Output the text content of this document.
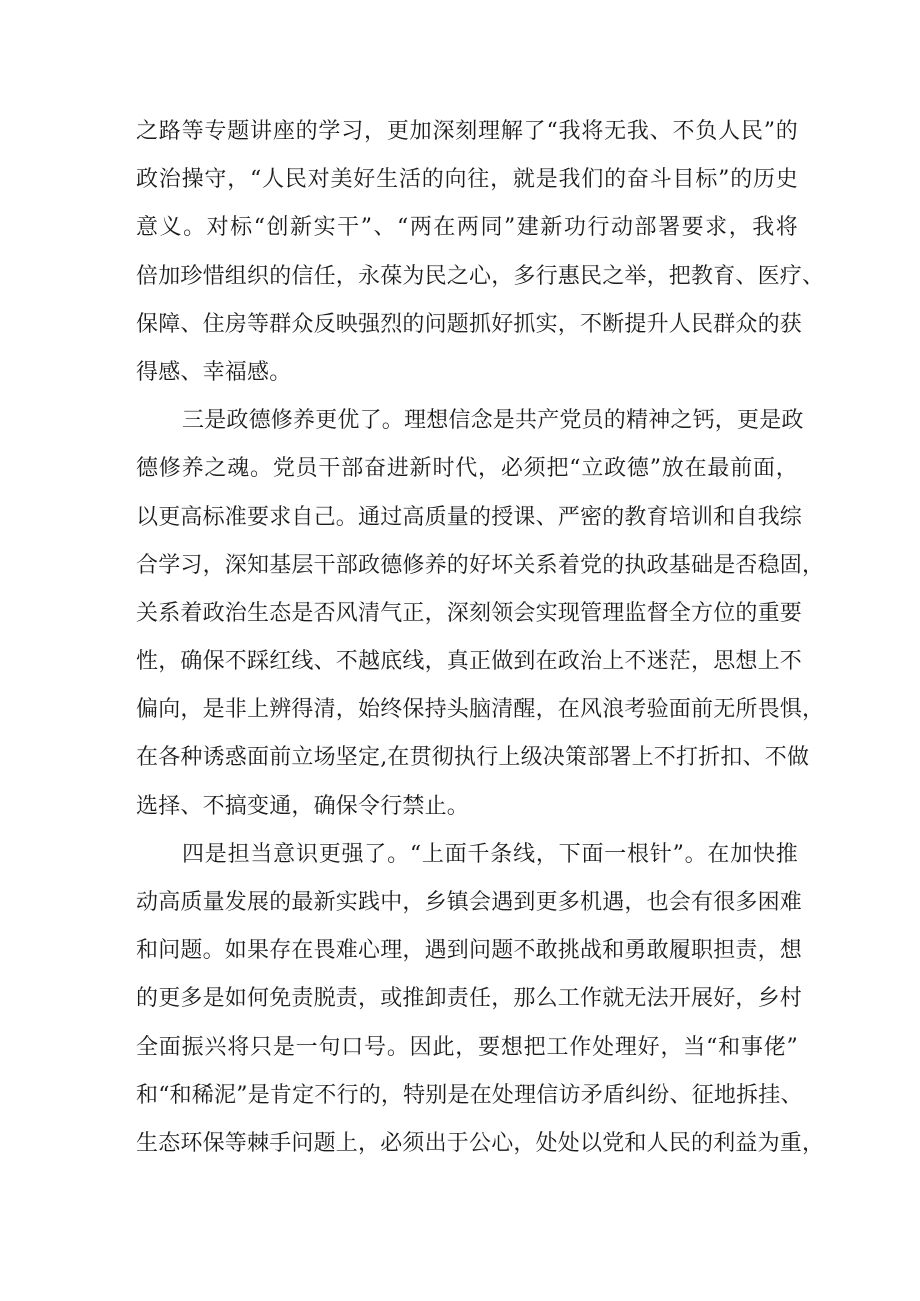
之路等专题讲座的学习，更加深刻理解了“我将无我、不负人民”的
政治操守，“人民对美好生活的向往，就是我们的奋斗目标”的历史
意义。对标“创新实干”、“两在两同”建新功行动部署要求，我将
倍加珍惜组织的信任，永葆为民之心，多行惠民之举，把教育、医疗、
保障、住房等群众反映强烈的问题抓好抓实，不断提升人民群众的获
得感、幸福感。
三是政德修养更优了。理想信念是共产党员的精神之钙，更是政
德修养之魂。党员干部奋进新时代，必须把“立政德”放在最前面，
以更高标准要求自己。通过高质量的授课、严密的教育培训和自我综
合学习，深知基层干部政德修养的好坏关系着党的执政基础是否稳固，
关系着政治生态是否风清气正，深刻领会实现管理监督全方位的重要
性，确保不踩红线、不越底线，真正做到在政治上不迷茫，思想上不
偏向，是非上辨得清，始终保持头脑清醒，在风浪考验面前无所畏惧，
在各种诱惑面前立场坚定,在贯彻执行上级决策部署上不打折扣、不做
选择、不搞变通，确保令行禁止。
四是担当意识更强了。“上面千条线，下面一根针”。在加快推
动高质量发展的最新实践中，乡镇会遇到更多机遇，也会有很多困难
和问题。如果存在畏难心理，遇到问题不敢挑战和勇敢履职担责，想
的更多是如何免责脱责，或推卸责任，那么工作就无法开展好，乡村
全面振兴将只是一句口号。因此，要想把工作处理好，当“和事佬”
和“和稀泥”是肯定不行的，特别是在处理信访矛盾纠纷、征地拆挂、
生态环保等棘手问题上，必须出于公心，处处以党和人民的利益为重，
